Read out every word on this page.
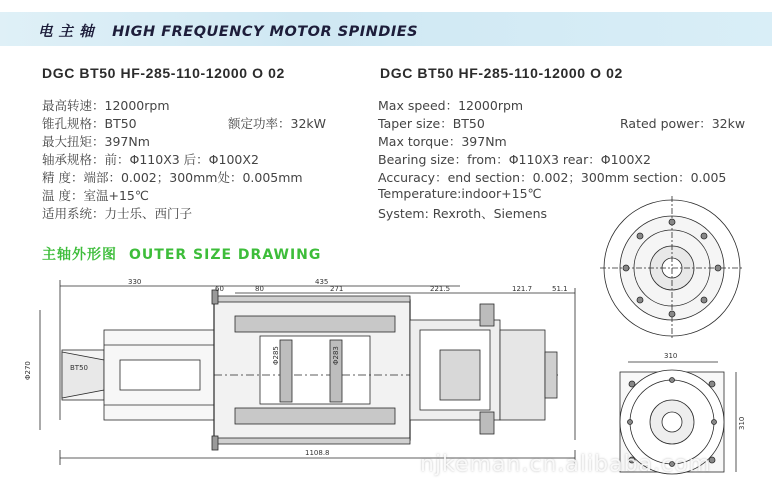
电 主 轴 HIGH FREQUENCY MOTOR SPINDIES
DGC BT50 HF-285-110-12000 O 02	DGC BT50 HF-285-110-12000 O 02
最高转速：12000rpm
锥孔规格：BT50	额定功率：32kW
最大扭矩：397Nm
轴承规格：前：Φ110X3 后：Φ100X2
精 度：端部：0.002；300mm处：0.005mm
温 度：室温+15℃
适用系统：力士乐、西门子
Max speed：12000rpm
Taper size：BT50	Rated power：32kw
Max torque：397Nm
Bearing size：from：Φ110X3 rear：Φ100X2
Accuracy：end section：0.002；300mm section：0.005
Temperature:indoor+15℃
System: Rexroth、Siemens
主轴外形图 OUTER SIZE DRAWING
330	435
60	80	271	221.5	121.7	51.1
1108.8
Φ270	BT50
Φ285	Φ283	310
310
njkeman.cn.alibaba.com
